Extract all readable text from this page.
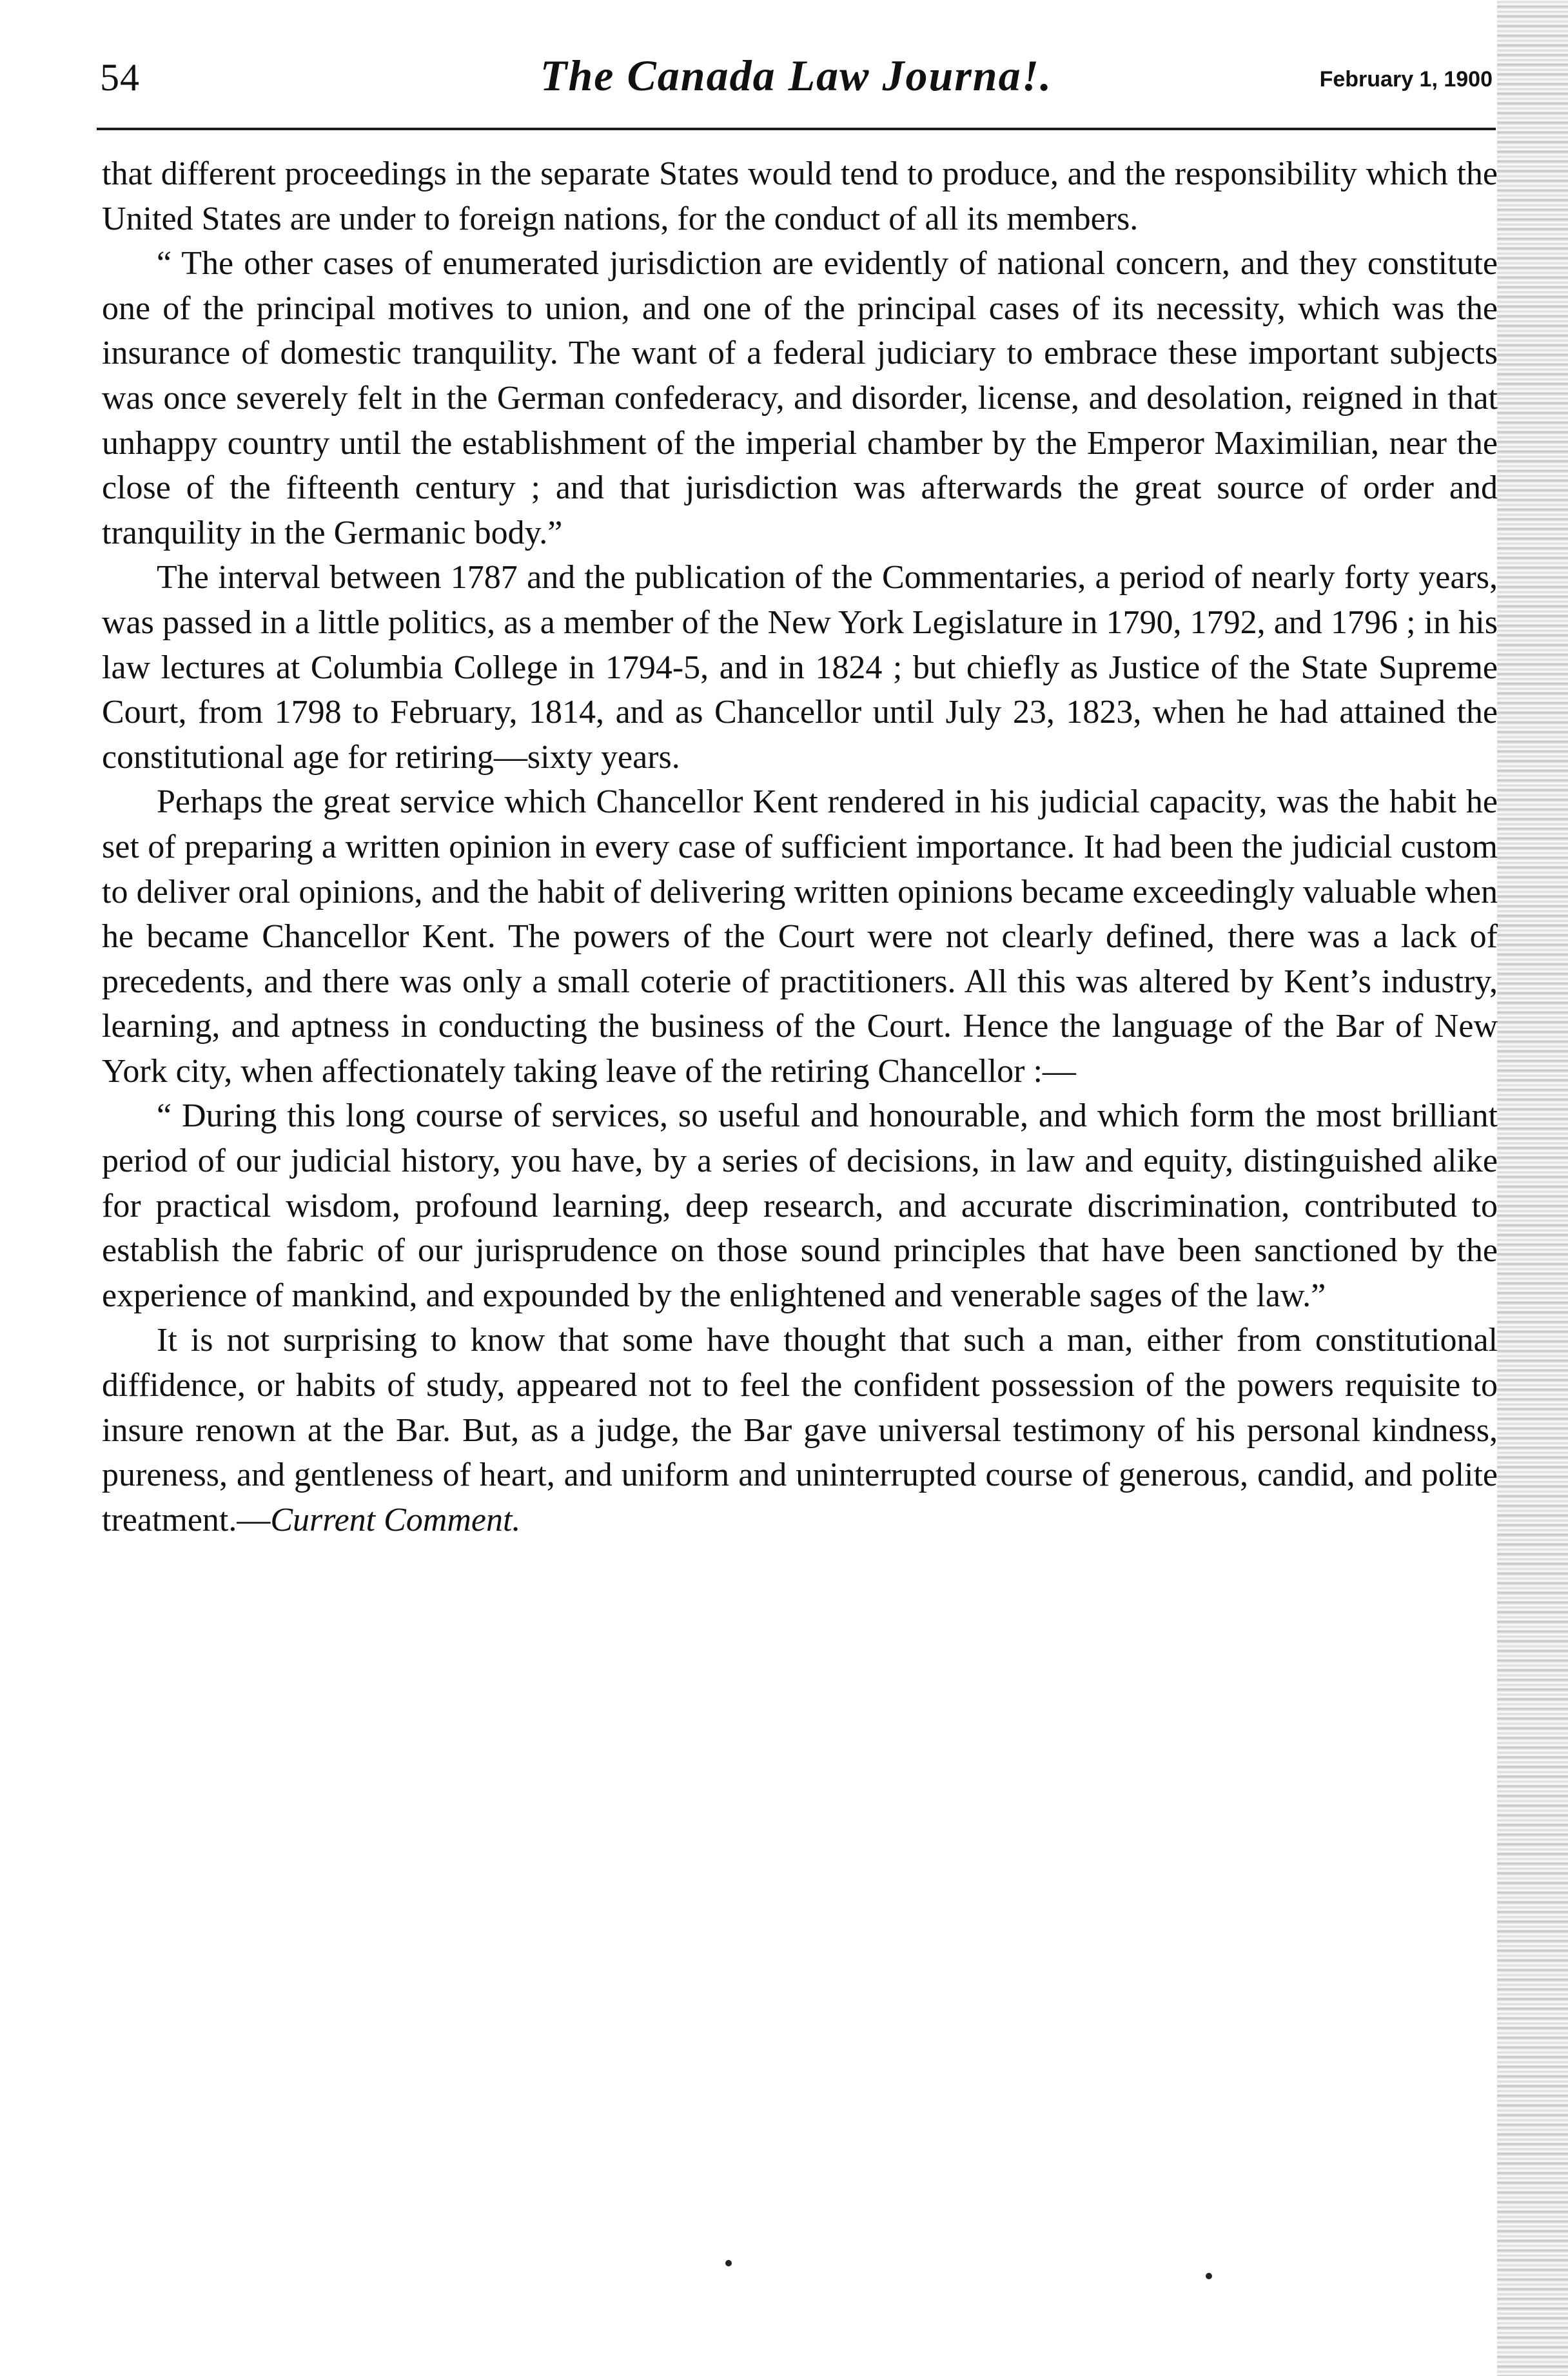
54	The Canada Law Journa!.	February 1, 1900

that different proceedings in the separate States would tend to produce, and the responsibility which the United States are under to foreign nations, for the conduct of all its members.

“ The other cases of enumerated jurisdiction are evidently of national concern, and they constitute one of the principal motives to union, and one of the principal cases of its necessity, which was the insurance of domestic tranquility. The want of a federal judiciary to embrace these important subjects was once severely felt in the German confederacy, and disorder, license, and desolation, reigned in that unhappy country until the establishment of the imperial chamber by the Emperor Maximilian, near the close of the fifteenth century ; and that jurisdiction was afterwards the great source of order and tranquility in the Germanic body.”

The interval between 1787 and the publication of the Commentaries, a period of nearly forty years, was passed in a little politics, as a member of the New York Legislature in 1790, 1792, and 1796 ; in his law lectures at Columbia College in 1794-5, and in 1824 ; but chiefly as Justice of the State Supreme Court, from 1798 to February, 1814, and as Chancellor until July 23, 1823, when he had attained the constitutional age for retiring—sixty years.

Perhaps the great service which Chancellor Kent rendered in his judicial capacity, was the habit he set of preparing a written opinion in every case of sufficient importance. It had been the judicial custom to deliver oral opinions, and the habit of delivering written opinions became exceedingly valuable when he became Chancellor Kent. The powers of the Court were not clearly defined, there was a lack of precedents, and there was only a small coterie of practitioners. All this was altered by Kent’s industry, learning, and aptness in conducting the business of the Court. Hence the language of the Bar of New York city, when affectionately taking leave of the retiring Chancellor :—

“ During this long course of services, so useful and honourable, and which form the most brilliant period of our judicial history, you have, by a series of decisions, in law and equity, distinguished alike for practical wisdom, profound learning, deep research, and accurate discrimination, contributed to establish the fabric of our jurisprudence on those sound principles that have been sanctioned by the experience of mankind, and expounded by the enlightened and venerable sages of the law.”

It is not surprising to know that some have thought that such a man, either from constitutional diffidence, or habits of study, appeared not to feel the confident possession of the powers requisite to insure renown at the Bar. But, as a judge, the Bar gave universal testimony of his personal kindness, pureness, and gentleness of heart, and uniform and uninterrupted course of generous, candid, and polite treatment.—Current Comment.
